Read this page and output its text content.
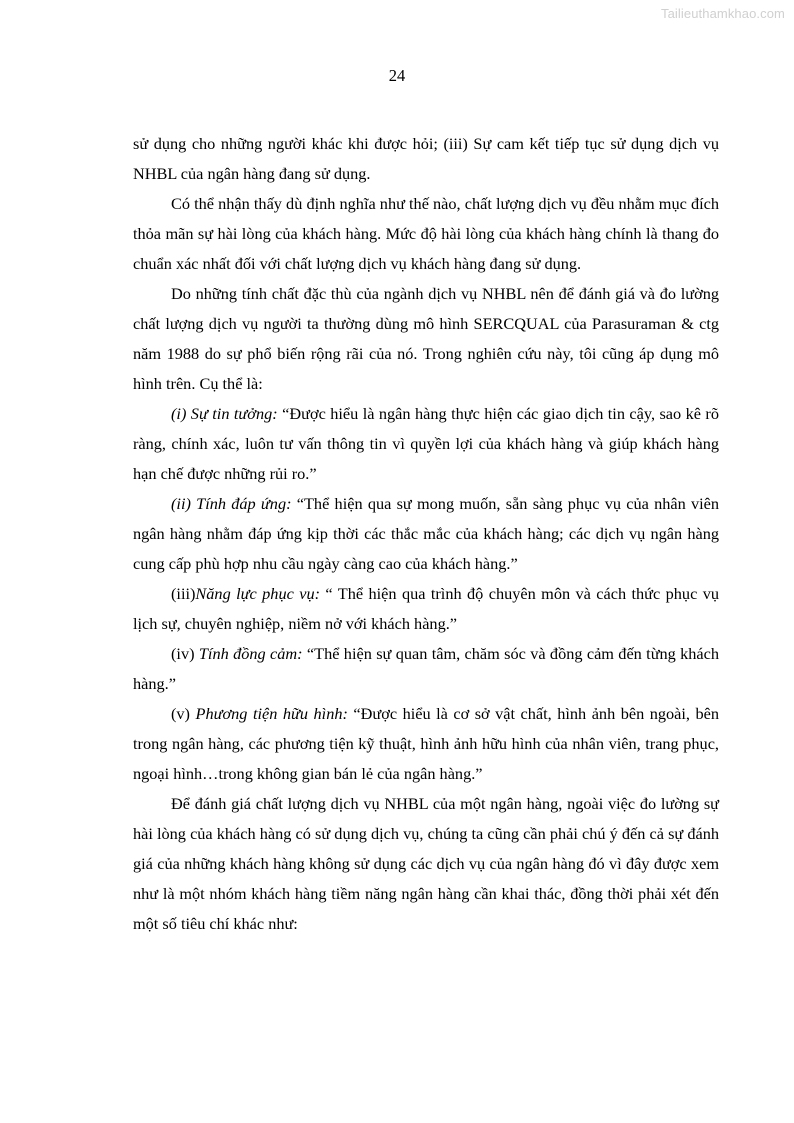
Tailieuthamkhao.com
24

sử dụng cho những người khác khi được hỏi; (iii) Sự cam kết tiếp tục sử dụng dịch vụ NHBL của ngân hàng đang sử dụng.

Có thể nhận thấy dù định nghĩa như thế nào, chất lượng dịch vụ đều nhằm mục đích thỏa mãn sự hài lòng của khách hàng. Mức độ hài lòng của khách hàng chính là thang đo chuẩn xác nhất đối với chất lượng dịch vụ khách hàng đang sử dụng.

Do những tính chất đặc thù của ngành dịch vụ NHBL nên để đánh giá và đo lường chất lượng dịch vụ người ta thường dùng mô hình SERCQUAL của Parasuraman & ctg năm 1988 do sự phổ biến rộng rãi của nó. Trong nghiên cứu này, tôi cũng áp dụng mô hình trên. Cụ thể là:

(i) Sự tin tưởng: “Được hiểu là ngân hàng thực hiện các giao dịch tin cậy, sao kê rõ ràng, chính xác, luôn tư vấn thông tin vì quyền lợi của khách hàng và giúp khách hàng hạn chế được những rủi ro.”

(ii) Tính đáp ứng: “Thể hiện qua sự mong muốn, sẵn sàng phục vụ của nhân viên ngân hàng nhằm đáp ứng kịp thời các thắc mắc của khách hàng; các dịch vụ ngân hàng cung cấp phù hợp nhu cầu ngày càng cao của khách hàng.”

(iii)Năng lực phục vụ: “ Thể hiện qua trình độ chuyên môn và cách thức phục vụ lịch sự, chuyên nghiệp, niềm nở với khách hàng.”

(iv) Tính đồng cảm: “Thể hiện sự quan tâm, chăm sóc và đồng cảm đến từng khách hàng.”

(v) Phương tiện hữu hình: “Được hiểu là cơ sở vật chất, hình ảnh bên ngoài, bên trong ngân hàng, các phương tiện kỹ thuật, hình ảnh hữu hình của nhân viên, trang phục, ngoại hình…trong không gian bán lẻ của ngân hàng.”

Để đánh giá chất lượng dịch vụ NHBL của một ngân hàng, ngoài việc đo lường sự hài lòng của khách hàng có sử dụng dịch vụ, chúng ta cũng cần phải chú ý đến cả sự đánh giá của những khách hàng không sử dụng các dịch vụ của ngân hàng đó vì đây được xem như là một nhóm khách hàng tiềm năng ngân hàng cần khai thác, đồng thời phải xét đến một số tiêu chí khác như:
